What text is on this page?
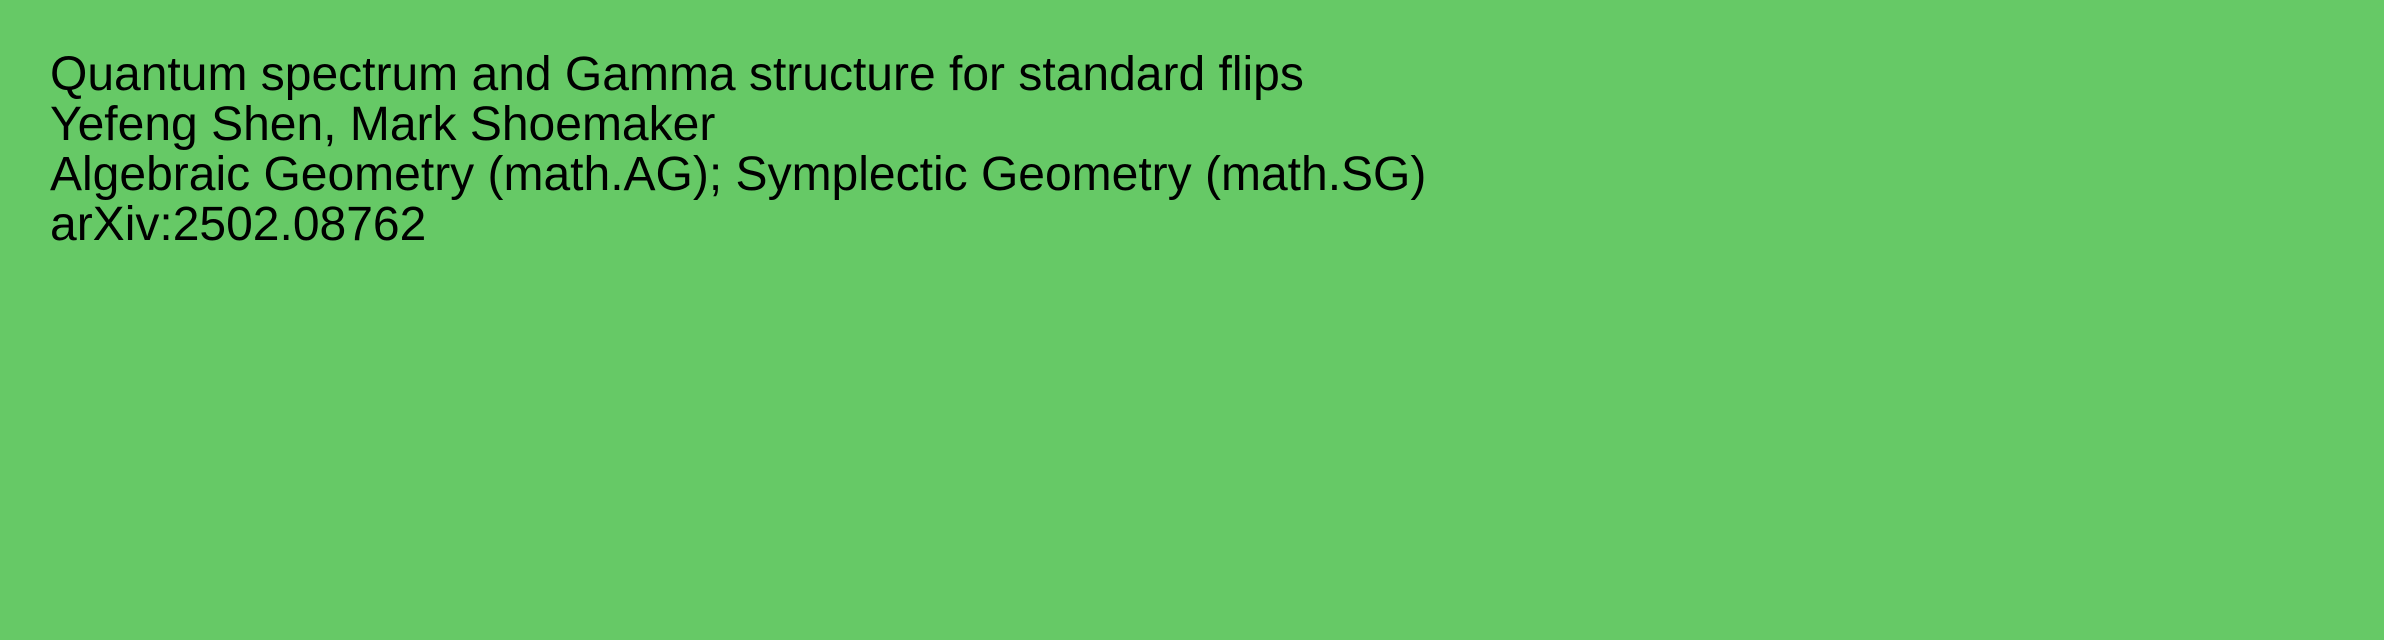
Quantum spectrum and Gamma structure for standard flips
Yefeng Shen, Mark Shoemaker
Algebraic Geometry (math.AG); Symplectic Geometry (math.SG)
arXiv:2502.08762
